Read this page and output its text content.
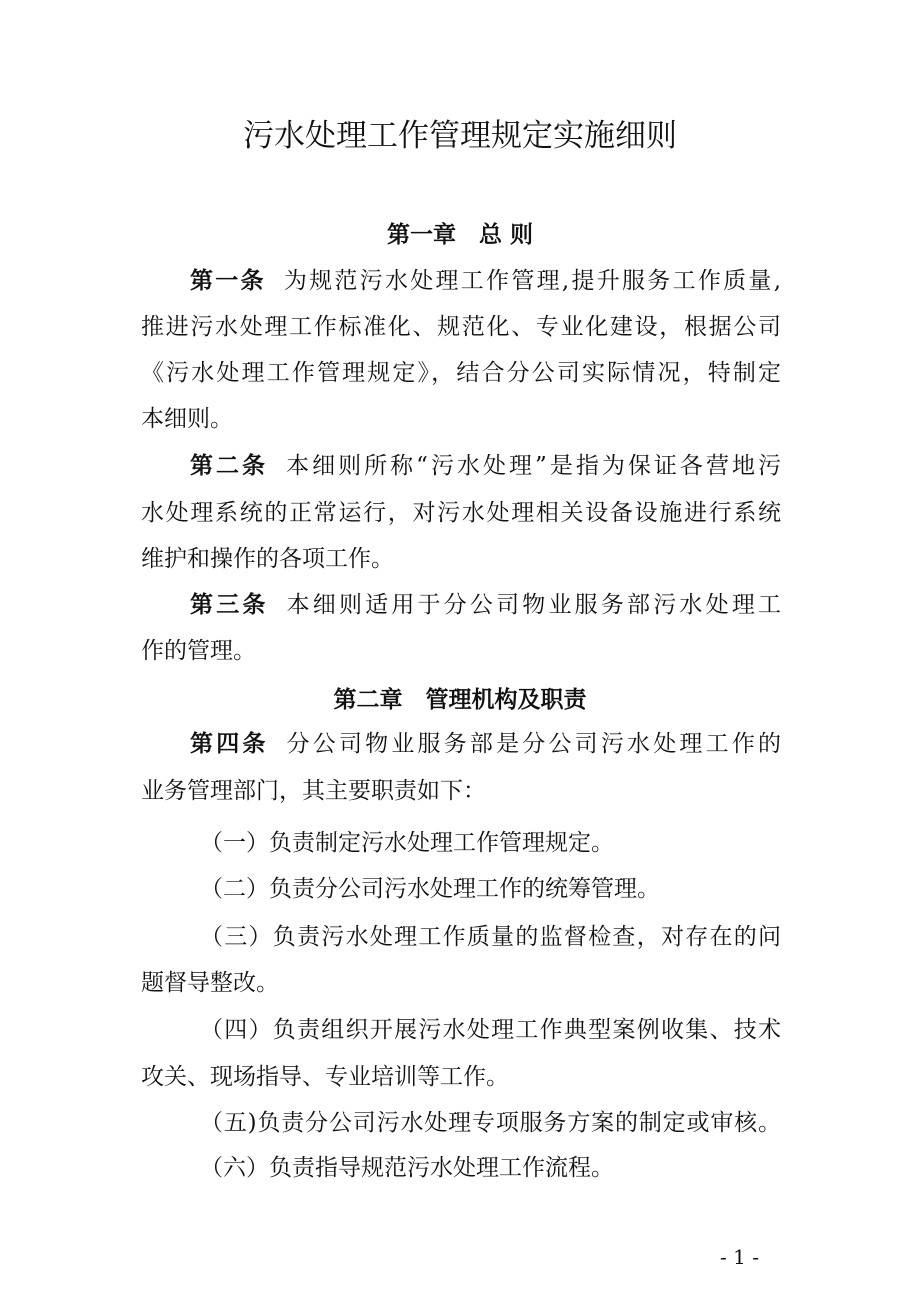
污水处理工作管理规定实施细则
第一章　总 则
第一条 为规范污水处理工作管理,提升服务工作质量,
推进污水处理工作标准化、规范化、专业化建设，根据公司
《污水处理工作管理规定》，结合分公司实际情况，特制定
本细则。
第二条 本细则所称“污水处理”是指为保证各营地污
水处理系统的正常运行，对污水处理相关设备设施进行系统
维护和操作的各项工作。
第三条 本细则适用于分公司物业服务部污水处理工
作的管理。
第二章　管理机构及职责
第四条 分公司物业服务部是分公司污水处理工作的
业务管理部门，其主要职责如下：
（一）负责制定污水处理工作管理规定。
（二）负责分公司污水处理工作的统筹管理。
（三）负责污水处理工作质量的监督检查，对存在的问
题督导整改。
（四）负责组织开展污水处理工作典型案例收集、技术
攻关、现场指导、专业培训等工作。
（五)负责分公司污水处理专项服务方案的制定或审核。
（六）负责指导规范污水处理工作流程。
- 1 -
